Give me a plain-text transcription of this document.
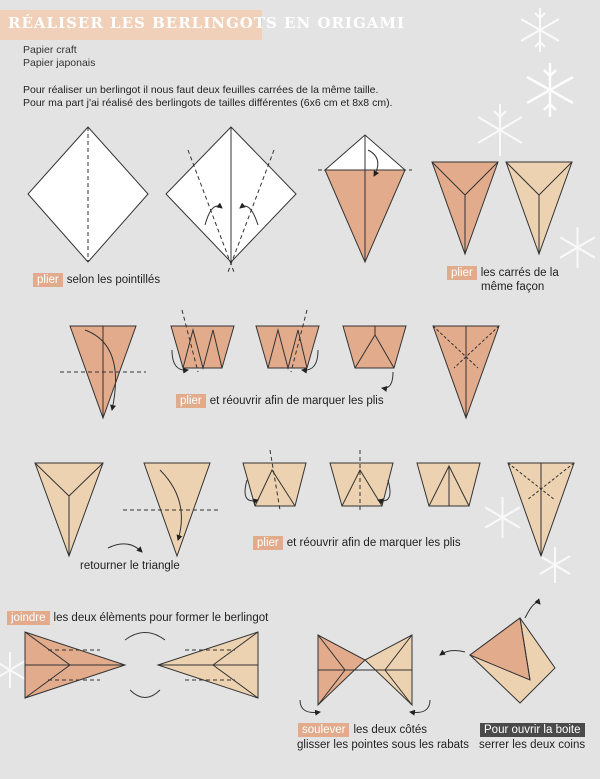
RÉALISER LES BERLINGOTS EN ORIGAMI
Papier craft
Papier japonais
Pour réaliser un berlingot il nous faut deux feuilles carrées de la même taille.
Pour ma part j'ai réalisé des berlingots de tailles différentes (6x6 cm et 8x8 cm).
plier selon les pointillés
plier les carrés de la
même façon
plier et réouvrir afin de marquer les plis
retourner le triangle
plier et réouvrir afin de marquer les plis
joindre les deux élèments pour former le berlingot
soulever les deux côtés
glisser les pointes sous les rabats
Pour ouvrir la boite
serrer les deux coins
